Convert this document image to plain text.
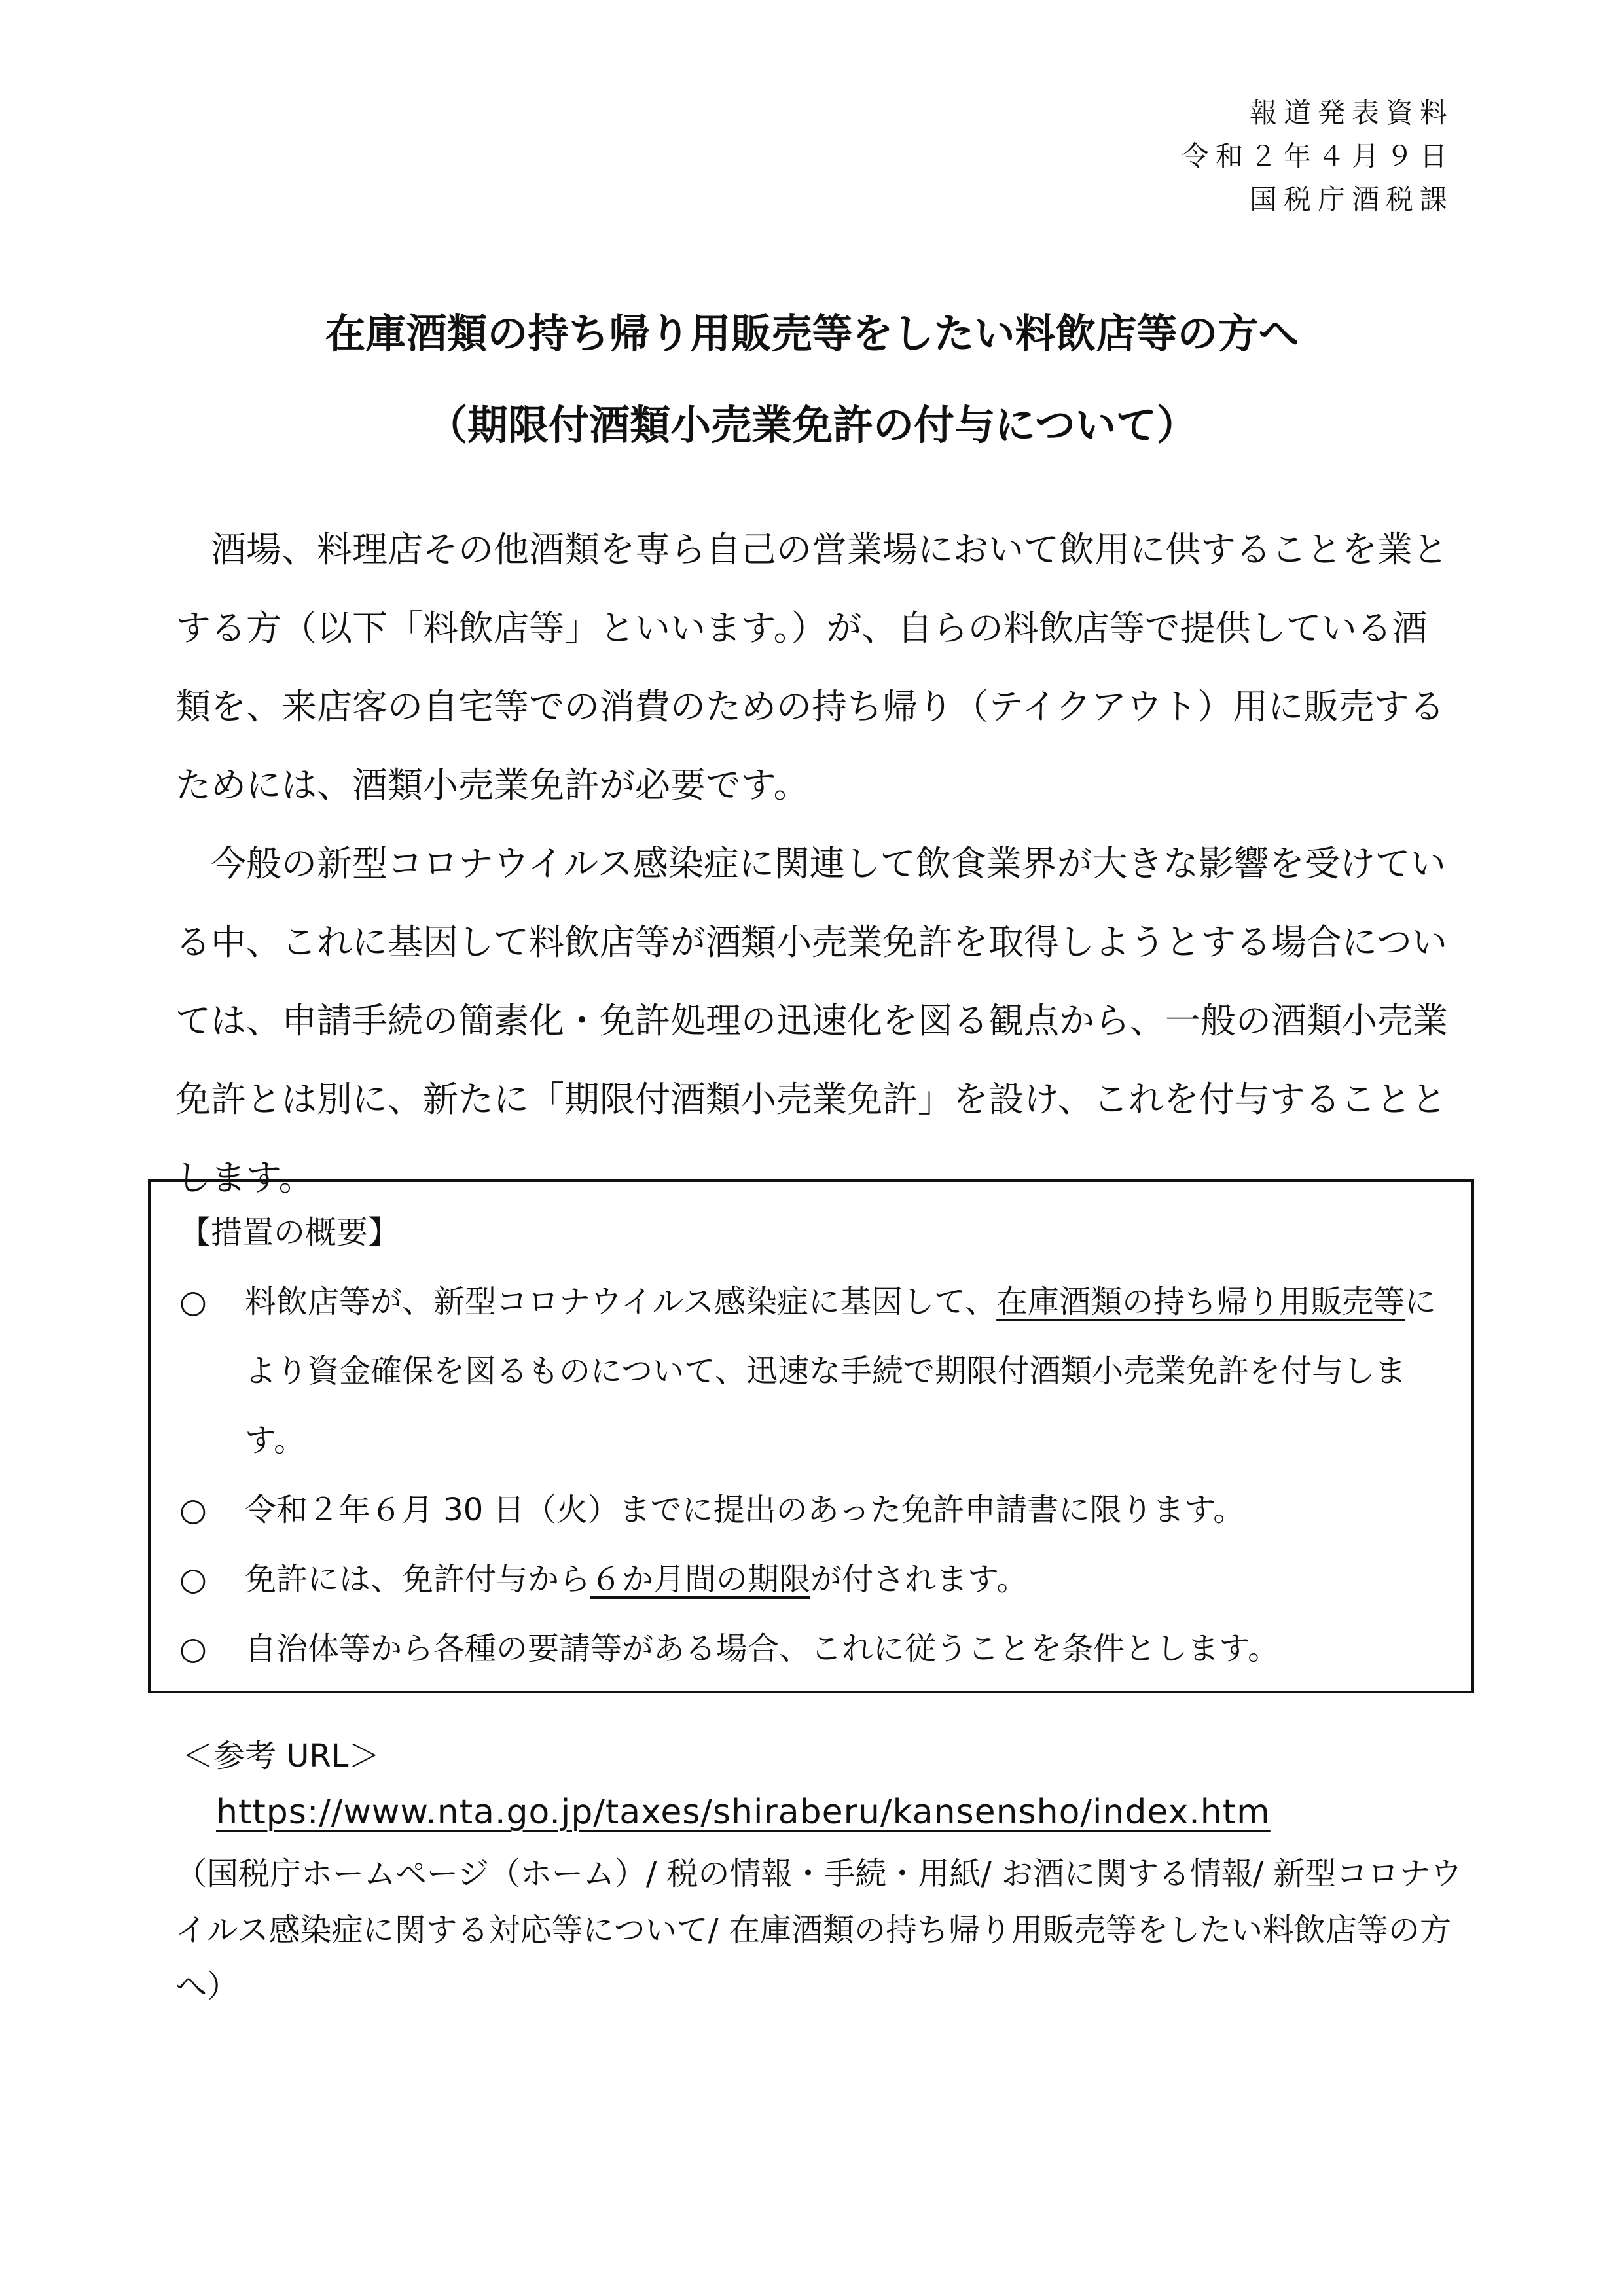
報道発表資料
令和２年４月９日
国税庁酒税課
在庫酒類の持ち帰り用販売等をしたい料飲店等の方へ
（期限付酒類小売業免許の付与について）

酒場、料理店その他酒類を専ら自己の営業場において飲用に供することを業とする方（以下「料飲店等」といいます。）が、自らの料飲店等で提供している酒類を、来店客の自宅等での消費のための持ち帰り（テイクアウト）用に販売するためには、酒類小売業免許が必要です。

今般の新型コロナウイルス感染症に関連して飲食業界が大きな影響を受けている中、これに基因して料飲店等が酒類小売業免許を取得しようとする場合については、申請手続の簡素化・免許処理の迅速化を図る観点から、一般の酒類小売業免許とは別に、新たに「期限付酒類小売業免許」を設け、これを付与することとします。

【措置の概要】
○ 料飲店等が、新型コロナウイルス感染症に基因して、在庫酒類の持ち帰り用販売等により資金確保を図るものについて、迅速な手続で期限付酒類小売業免許を付与します。
○ 令和２年６月 30 日（火）までに提出のあった免許申請書に限ります。
○ 免許には、免許付与から６か月間の期限が付されます。
○ 自治体等から各種の要請等がある場合、これに従うことを条件とします。
＜参考 URL＞
https://www.nta.go.jp/taxes/shiraberu/kansensho/index.htm
（国税庁ホームページ（ホーム）/ 税の情報・手続・用紙/ お酒に関する情報/ 新型コロナウイルス感染症に関する対応等について/ 在庫酒類の持ち帰り用販売等をしたい料飲店等の方へ）
